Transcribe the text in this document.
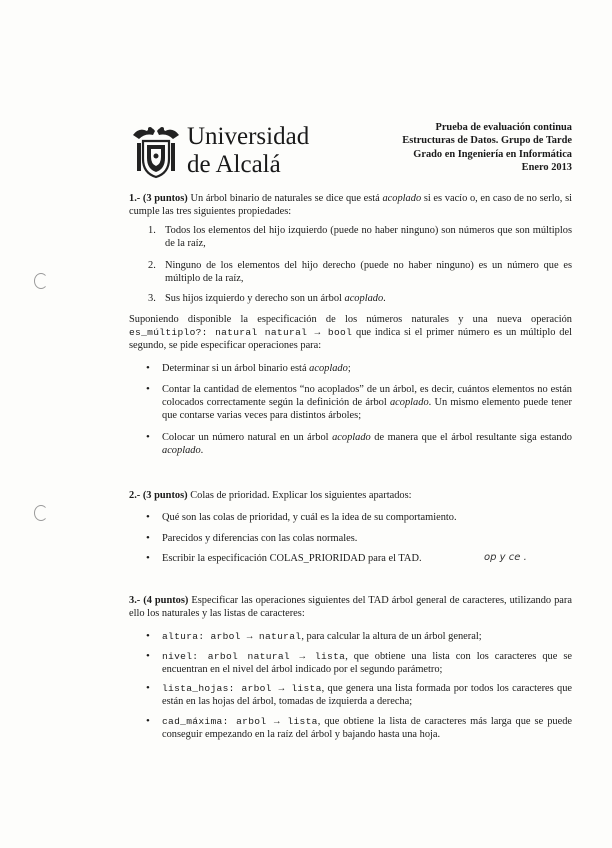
Universidad
de Alcalá
Prueba de evaluación continua
Estructuras de Datos. Grupo de Tarde
Grado en Ingeniería en Informática
Enero 2013
1.- (3 puntos) Un árbol binario de naturales se dice que está acoplado si es vacío o, en caso de no serlo, si cumple las tres siguientes propiedades:
1. Todos los elementos del hijo izquierdo (puede no haber ninguno) son números que son múltiplos de la raíz,
2. Ninguno de los elementos del hijo derecho (puede no haber ninguno) es un número que es múltiplo de la raíz,
3. Sus hijos izquierdo y derecho son un árbol acoplado.
Suponiendo disponible la especificación de los números naturales y una nueva operación es_múltiplo?: natural natural → bool que indica si el primer número es un múltiplo del segundo, se pide especificar operaciones para:
• Determinar si un árbol binario está acoplado;
• Contar la cantidad de elementos “no acoplados” de un árbol, es decir, cuántos elementos no están colocados correctamente según la definición de árbol acoplado. Un mismo elemento puede tener que contarse varias veces para distintos árboles;
• Colocar un número natural en un árbol acoplado de manera que el árbol resultante siga estando acoplado.
2.- (3 puntos) Colas de prioridad. Explicar los siguientes apartados:
• Qué son las colas de prioridad, y cuál es la idea de su comportamiento.
• Parecidos y diferencias con las colas normales.
• Escribir la especificación COLAS_PRIORIDAD para el TAD.	op y ce .
3.- (4 puntos) Especificar las operaciones siguientes del TAD árbol general de caracteres, utilizando para ello los naturales y las listas de caracteres:
• altura: arbol → natural, para calcular la altura de un árbol general;
• nivel: arbol natural → lista, que obtiene una lista con los caracteres que se encuentran en el nivel del árbol indicado por el segundo parámetro;
• lista_hojas: arbol → lista, que genera una lista formada por todos los caracteres que están en las hojas del árbol, tomadas de izquierda a derecha;
• cad_máxima: arbol → lista, que obtiene la lista de caracteres más larga que se puede conseguir empezando en la raíz del árbol y bajando hasta una hoja.
